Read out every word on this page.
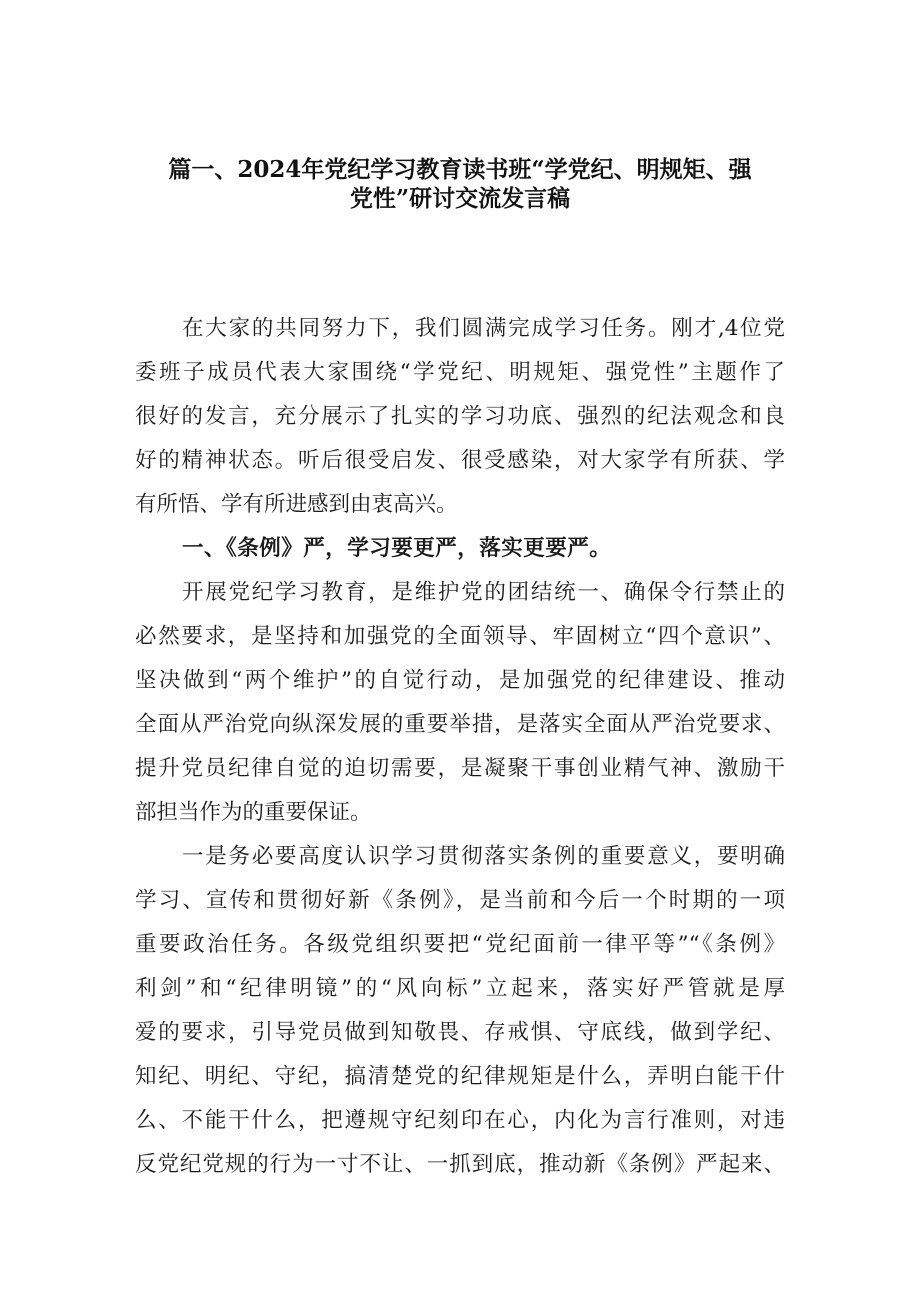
篇一、2024年党纪学习教育读书班“学党纪、明规矩、强
党性”研讨交流发言稿
在大家的共同努力下，我们圆满完成学习任务。刚才,4位党
委班子成员代表大家围绕“学党纪、明规矩、强党性”主题作了
很好的发言，充分展示了扎实的学习功底、强烈的纪法观念和良
好的精神状态。听后很受启发、很受感染，对大家学有所获、学
有所悟、学有所进感到由衷高兴。
一、《条例》严，学习要更严，落实更要严。
开展党纪学习教育，是维护党的团结统一、确保令行禁止的
必然要求，是坚持和加强党的全面领导、牢固树立“四个意识”、
坚决做到“两个维护”的自觉行动，是加强党的纪律建设、推动
全面从严治党向纵深发展的重要举措，是落实全面从严治党要求、
提升党员纪律自觉的迫切需要，是凝聚干事创业精气神、激励干
部担当作为的重要保证。
一是务必要高度认识学习贯彻落实条例的重要意义，要明确
学习、宣传和贯彻好新《条例》，是当前和今后一个时期的一项
重要政治任务。各级党组织要把“党纪面前一律平等”“《条例》
利剑”和“纪律明镜”的“风向标”立起来，落实好严管就是厚
爱的要求，引导党员做到知敬畏、存戒惧、守底线，做到学纪、
知纪、明纪、守纪，搞清楚党的纪律规矩是什么，弄明白能干什
么、不能干什么，把遵规守纪刻印在心，内化为言行准则，对违
反党纪党规的行为一寸不让、一抓到底，推动新《条例》严起来、
